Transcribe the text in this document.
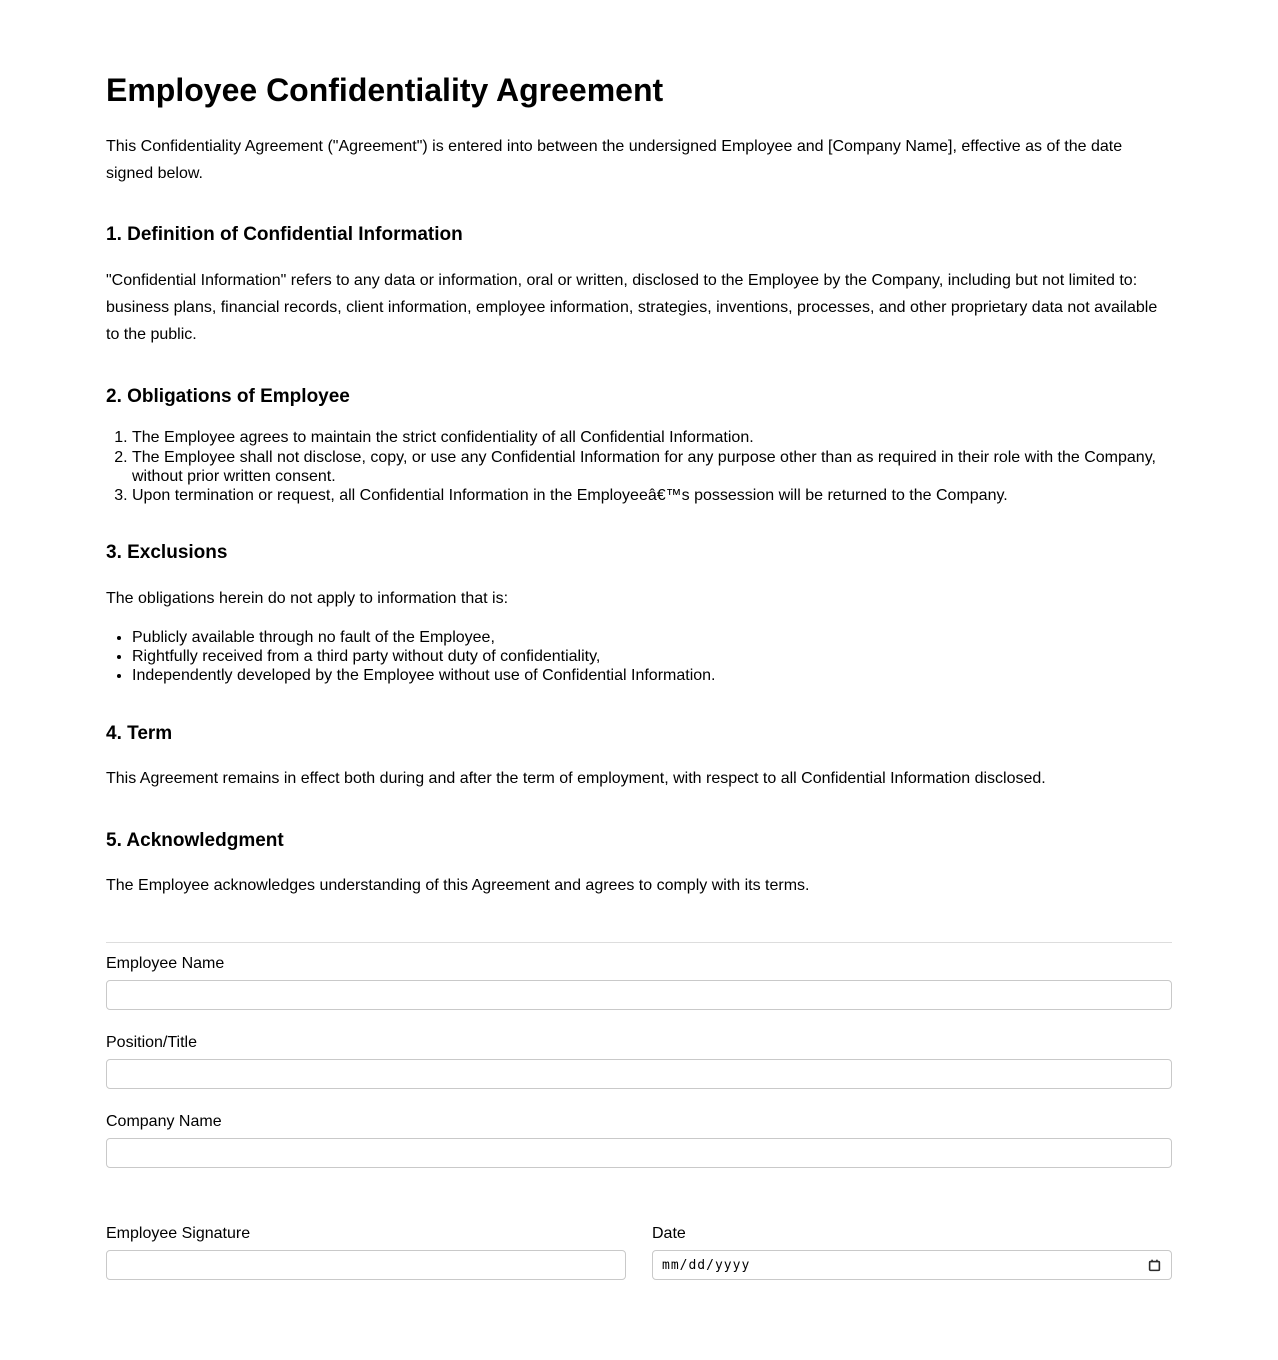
Employee Confidentiality Agreement

This Confidentiality Agreement ("Agreement") is entered into between the undersigned Employee and [Company Name], effective as of the date signed below.

1. Definition of Confidential Information

"Confidential Information" refers to any data or information, oral or written, disclosed to the Employee by the Company, including but not limited to: business plans, financial records, client information, employee information, strategies, inventions, processes, and other proprietary data not available to the public.

2. Obligations of Employee
1. The Employee agrees to maintain the strict confidentiality of all Confidential Information.
2. The Employee shall not disclose, copy, or use any Confidential Information for any purpose other than as required in their role with the Company, without prior written consent.
3. Upon termination or request, all Confidential Information in the Employeeâ€™s possession will be returned to the Company.
3. Exclusions

The obligations herein do not apply to information that is:

• Publicly available through no fault of the Employee,
• Rightfully received from a third party without duty of confidentiality,
• Independently developed by the Employee without use of Confidential Information.
4. Term

This Agreement remains in effect both during and after the term of employment, with respect to all Confidential Information disclosed.

5. Acknowledgment

The Employee acknowledges understanding of this Agreement and agrees to comply with its terms.

Employee Name
Position/Title
Company Name
Employee Signature	Date
mm/dd/yyyy
